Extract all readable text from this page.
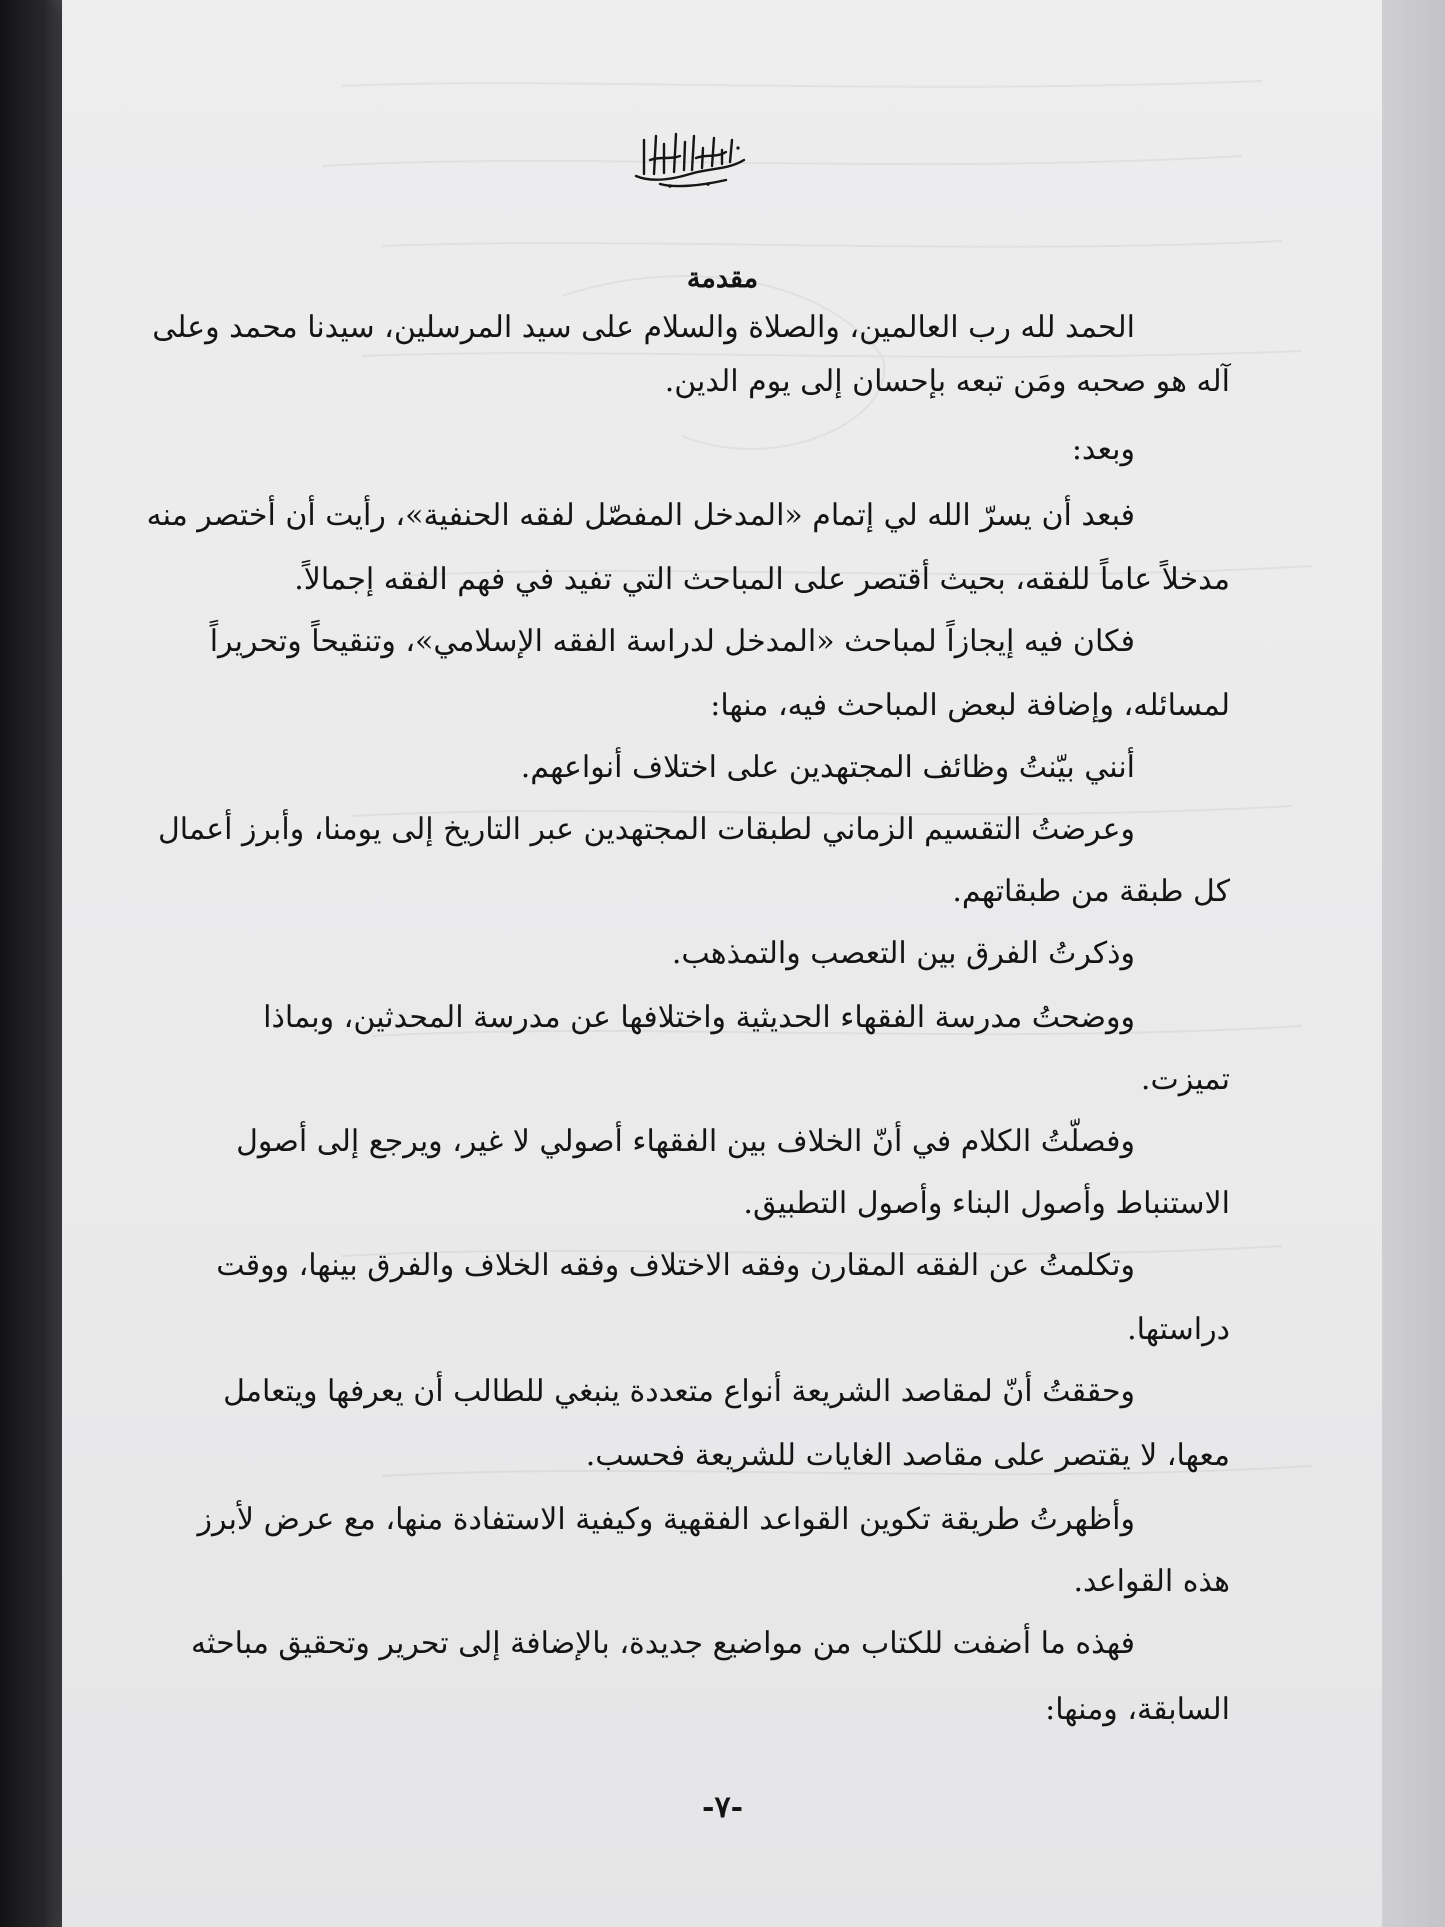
مقدمة
الحمد لله رب العالمين، والصلاة والسلام على سيد المرسلين، سيدنا محمد وعلى
آله هو صحبه ومَن تبعه بإحسان إلى يوم الدين.
وبعد:
فبعد أن يسرّ الله لي إتمام «المدخل المفصّل لفقه الحنفية»، رأيت أن أختصر منه
مدخلاً عاماً للفقه، بحيث أقتصر على المباحث التي تفيد في فهم الفقه إجمالاً.
فكان فيه إيجازاً لمباحث «المدخل لدراسة الفقه الإسلامي»، وتنقيحاً وتحريراً
لمسائله، وإضافة لبعض المباحث فيه، منها:
أنني بيّنتُ وظائف المجتهدين على اختلاف أنواعهم.
وعرضتُ التقسيم الزماني لطبقات المجتهدين عبر التاريخ إلى يومنا، وأبرز أعمال
كل طبقة من طبقاتهم.
وذكرتُ الفرق بين التعصب والتمذهب.
ووضحتُ مدرسة الفقهاء الحديثية واختلافها عن مدرسة المحدثين، وبماذا
تميزت.
وفصلّتُ الكلام في أنّ الخلاف بين الفقهاء أصولي لا غير، ويرجع إلى أصول
الاستنباط وأصول البناء وأصول التطبيق.
وتكلمتُ عن الفقه المقارن وفقه الاختلاف وفقه الخلاف والفرق بينها، ووقت
دراستها.
وحققتُ أنّ لمقاصد الشريعة أنواع متعددة ينبغي للطالب أن يعرفها ويتعامل
معها، لا يقتصر على مقاصد الغايات للشريعة فحسب.
وأظهرتُ طريقة تكوين القواعد الفقهية وكيفية الاستفادة منها، مع عرض لأبرز
هذه القواعد.
فهذه ما أضفت للكتاب من مواضيع جديدة، بالإضافة إلى تحرير وتحقيق مباحثه
السابقة، ومنها:
-٧-
